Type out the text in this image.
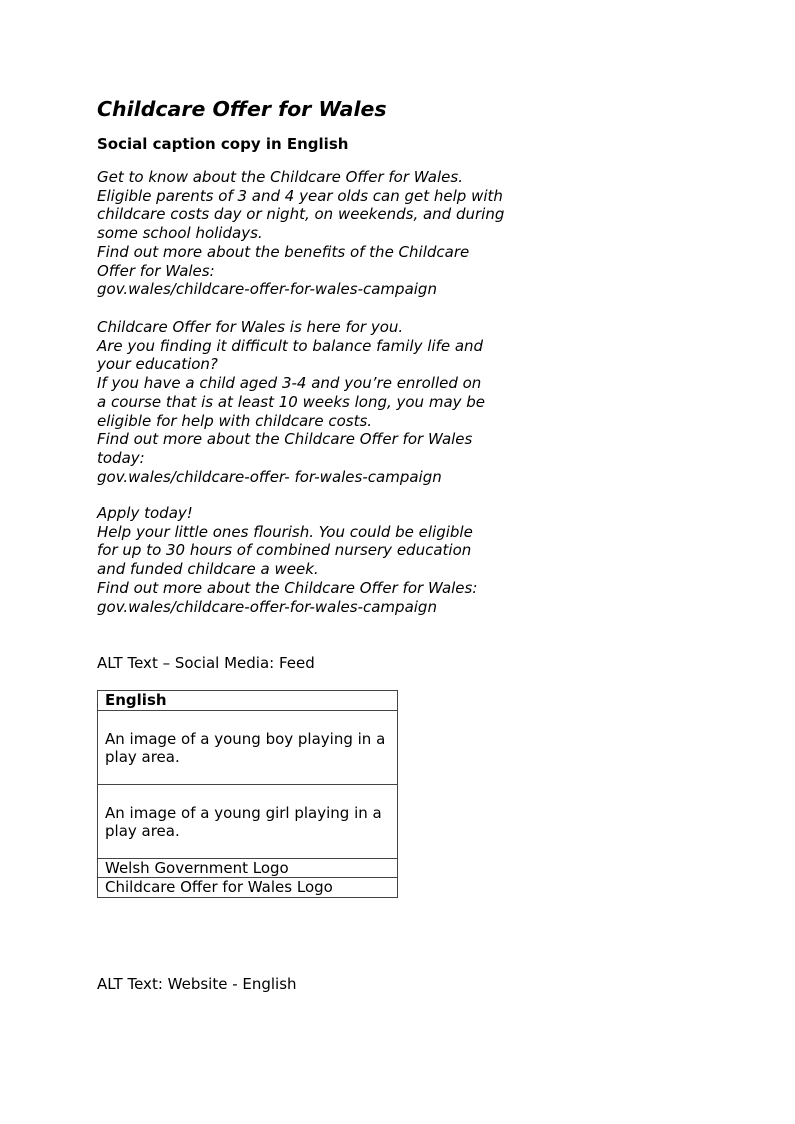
Childcare Offer for Wales
Social caption copy in English
Get to know about the Childcare Offer for Wales.
Eligible parents of 3 and 4 year olds can get help with
childcare costs day or night, on weekends, and during
some school holidays.
Find out more about the benefits of the Childcare
Offer for Wales:
gov.wales/childcare-offer-for-wales-campaign
Childcare Offer for Wales is here for you.
Are you finding it difficult to balance family life and
your education?
If you have a child aged 3-4 and you’re enrolled on
a course that is at least 10 weeks long, you may be
eligible for help with childcare costs.
Find out more about the Childcare Offer for Wales
today:
gov.wales/childcare-offer- for-wales-campaign
Apply today!
Help your little ones flourish. You could be eligible
for up to 30 hours of combined nursery education
and funded childcare a week.
Find out more about the Childcare Offer for Wales:
gov.wales/childcare-offer-for-wales-campaign

ALT Text – Social Media: Feed

English
An image of a young boy playing in a play area.
An image of a young girl playing in a play area.
Welsh Government Logo
Childcare Offer for Wales Logo

ALT Text: Website - English
